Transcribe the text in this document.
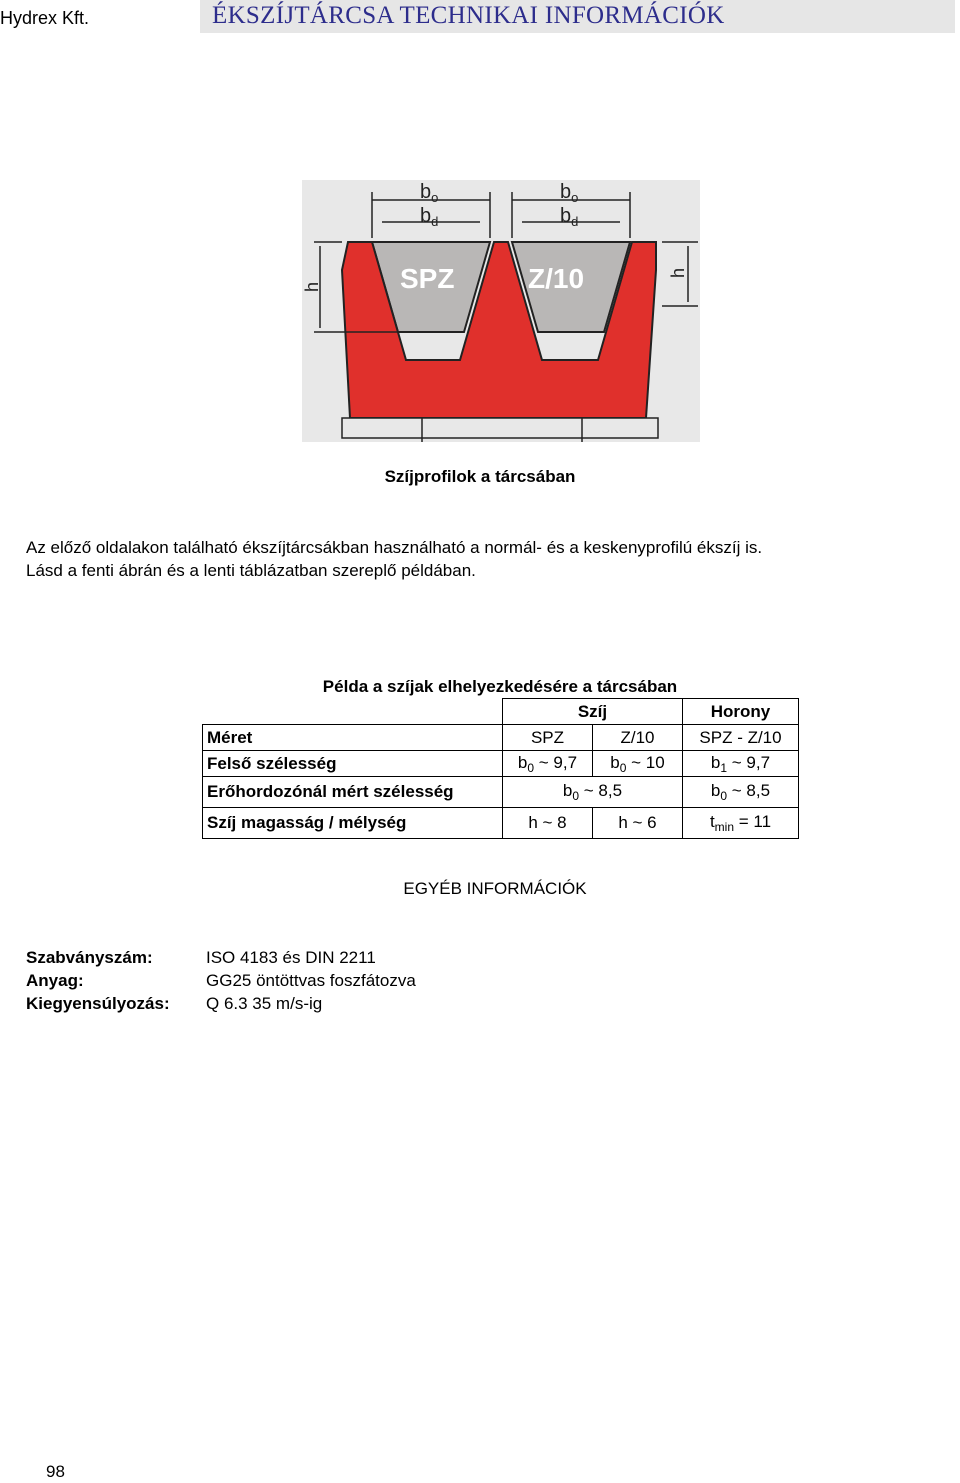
Hydrex Kft.	ÉKSZÍJTÁRCSA TECHNIKAI INFORMÁCIÓK
$b_o$
$b_d$
$b_o$
$b_d$
SPZ	Z/10
h
h
Szíjprofilok a tárcsában
Az előző oldalakon található ékszíjtárcsákban használható a normál- és a keskenyprofilú ékszíj is.
Lásd a fenti ábrán és a lenti táblázatban szereplő példában.
Példa a szíjak elhelyezkedésére a tárcsában
	Szíj		Horony
Méret	SPZ	Z/10	SPZ - Z/10
Felső szélesség	$b_0$ ~ 9,7	$b_0$ ~ 10	$b_1$ ~ 9,7
Erőhordozónál mért szélesség	$b_0$ ~ 8,5		$b_0$ ~ 8,5
Szíj magasság / mélység	h ~ 8	h ~ 6	$t_{min} = 11$
EGYÉB INFORMÁCIÓK
Szabványszám:	ISO 4183 és DIN 2211
Anyag:	GG25 öntöttvas foszfátozva
Kiegyensúlyozás: Q 6.3 35 m/s-ig
98
